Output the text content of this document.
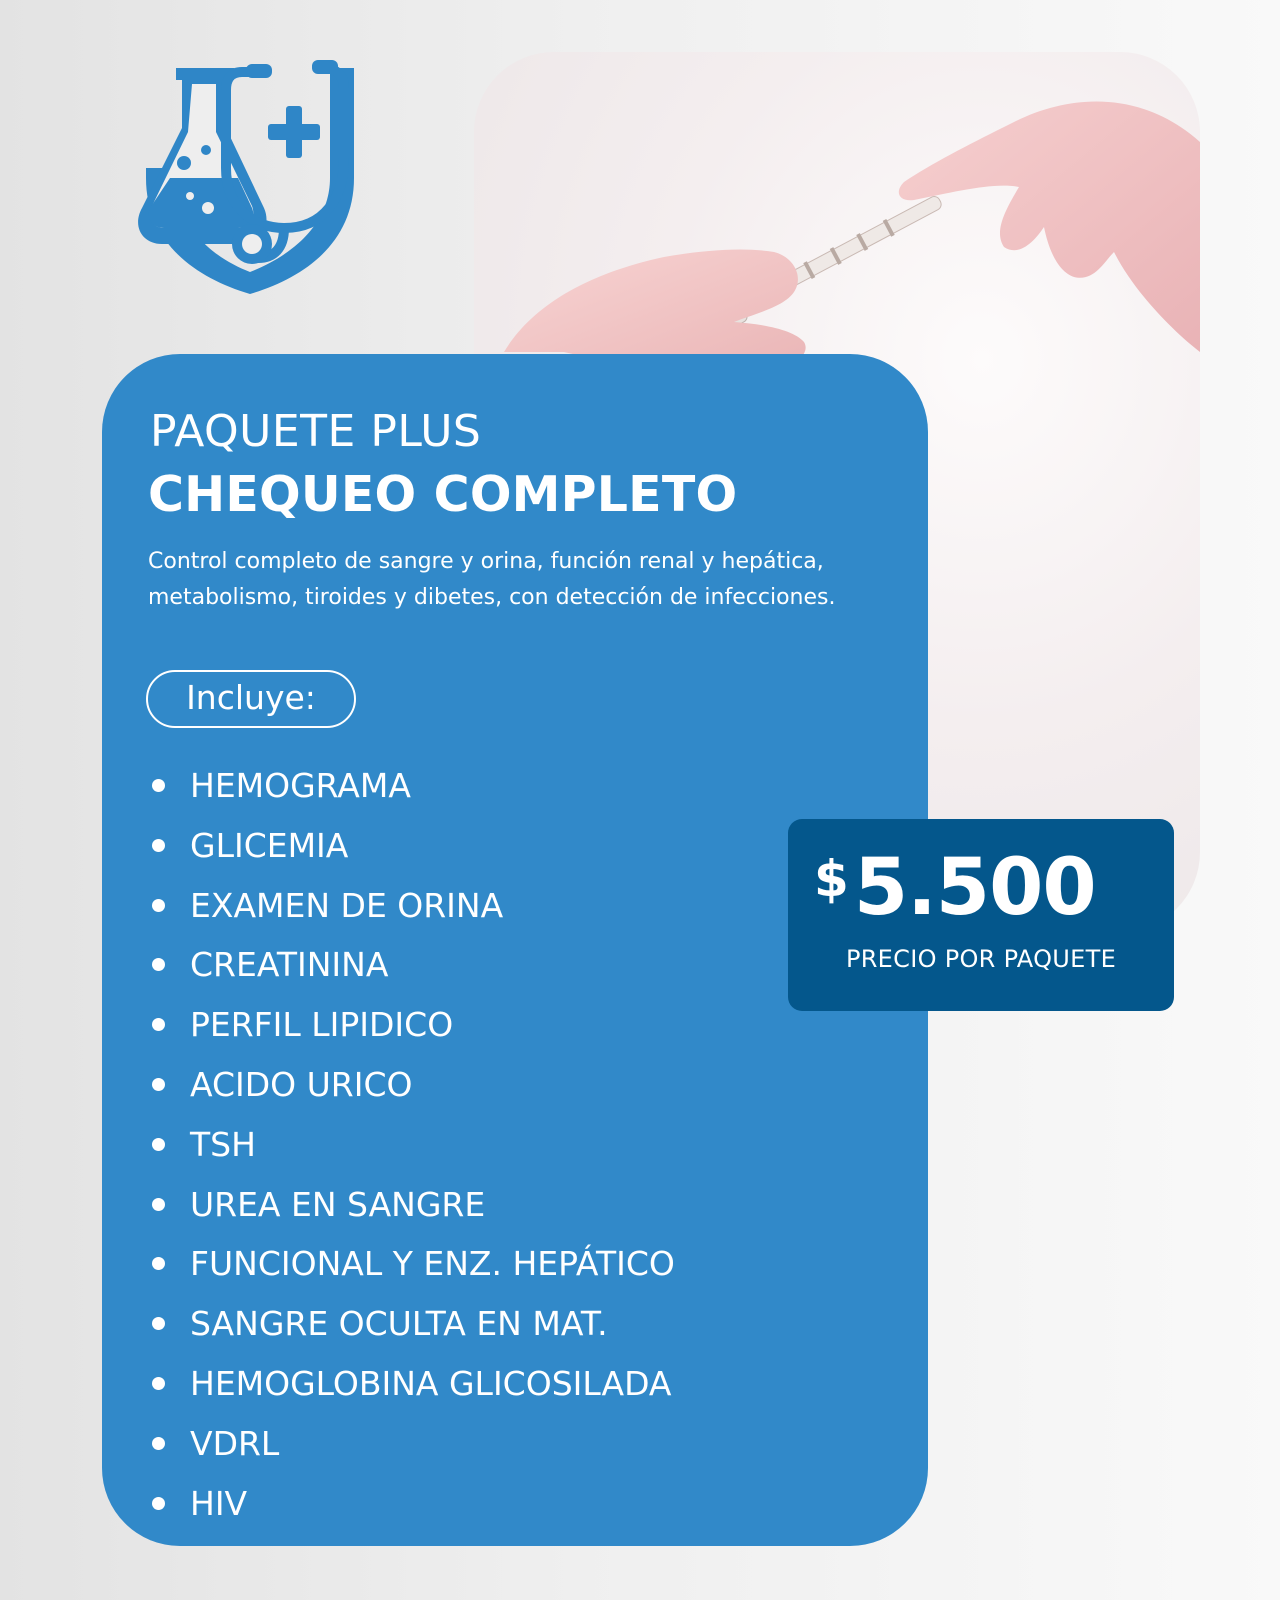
PAQUETE PLUS
CHEQUEO COMPLETO
Control completo de sangre y orina, función renal y hepática, metabolismo, tiroides y dibetes, con detección de infecciones.
Incluye:
HEMOGRAMA
GLICEMIA
EXAMEN DE ORINA
CREATININA
PERFIL LIPIDICO
ACIDO URICO
TSH
UREA EN SANGRE
FUNCIONAL Y ENZ. HEPÁTICO
SANGRE OCULTA EN MAT.
HEMOGLOBINA GLICOSILADA
VDRL
HIV
$ 5.500
PRECIO POR PAQUETE
